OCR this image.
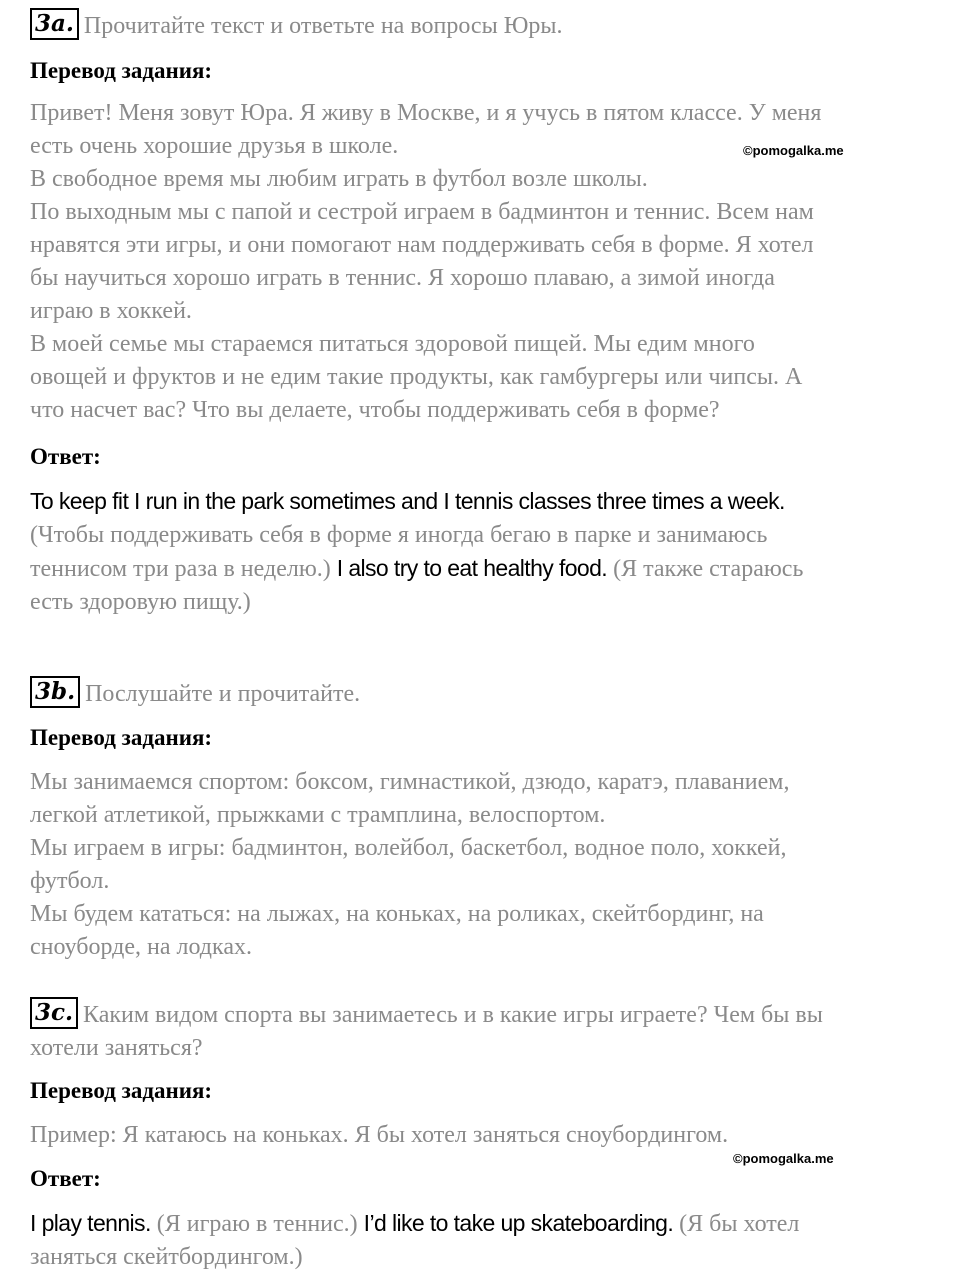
3a. Прочитайте текст и ответьте на вопросы Юры.
Перевод задания:

Привет! Меня зовут Юра. Я живу в Москве, и я учусь в пятом классе. У меня

есть очень хорошие друзья в школе.

В свободное время мы любим играть в футбол возле школы.

По выходным мы с папой и сестрой играем в бадминтон и теннис. Всем нам

нравятся эти игры, и они помогают нам поддерживать себя в форме. Я хотел

бы научиться хорошо играть в теннис. Я хорошо плаваю, а зимой иногда

играю в хоккей.

В моей семье мы стараемся питаться здоровой пищей. Мы едим много

овощей и фруктов и не едим такие продукты, как гамбургеры или чипсы. А

что насчет вас? Что вы делаете, чтобы поддерживать себя в форме?

©pomogalka.me
Ответ:

To keep fit I run in the park sometimes and I tennis classes three times a week.

(Чтобы поддерживать себя в форме я иногда бегаю в парке и занимаюсь

теннисом три раза в неделю.) I also try to eat healthy food. (Я также стараюсь

есть здоровую пищу.)

3b. Послушайте и прочитайте.
Перевод задания:

Мы занимаемся спортом: боксом, гимнастикой, дзюдо, каратэ, плаванием,

легкой атлетикой, прыжками с трамплина, велоспортом.

Мы играем в игры: бадминтон, волейбол, баскетбол, водное поло, хоккей,

футбол.

Мы будем кататься: на лыжах, на коньках, на роликах, скейтбординг, на

сноуборде, на лодках.

3c. Каким видом спорта вы занимаетесь и в какие игры играете? Чем бы вы

хотели заняться?

Перевод задания:

Пример: Я катаюсь на коньках. Я бы хотел заняться сноубордингом.

©pomogalka.me
Ответ:

I play tennis. (Я играю в теннис.) I’d like to take up skateboarding. (Я бы хотел

заняться скейтбордингом.)
